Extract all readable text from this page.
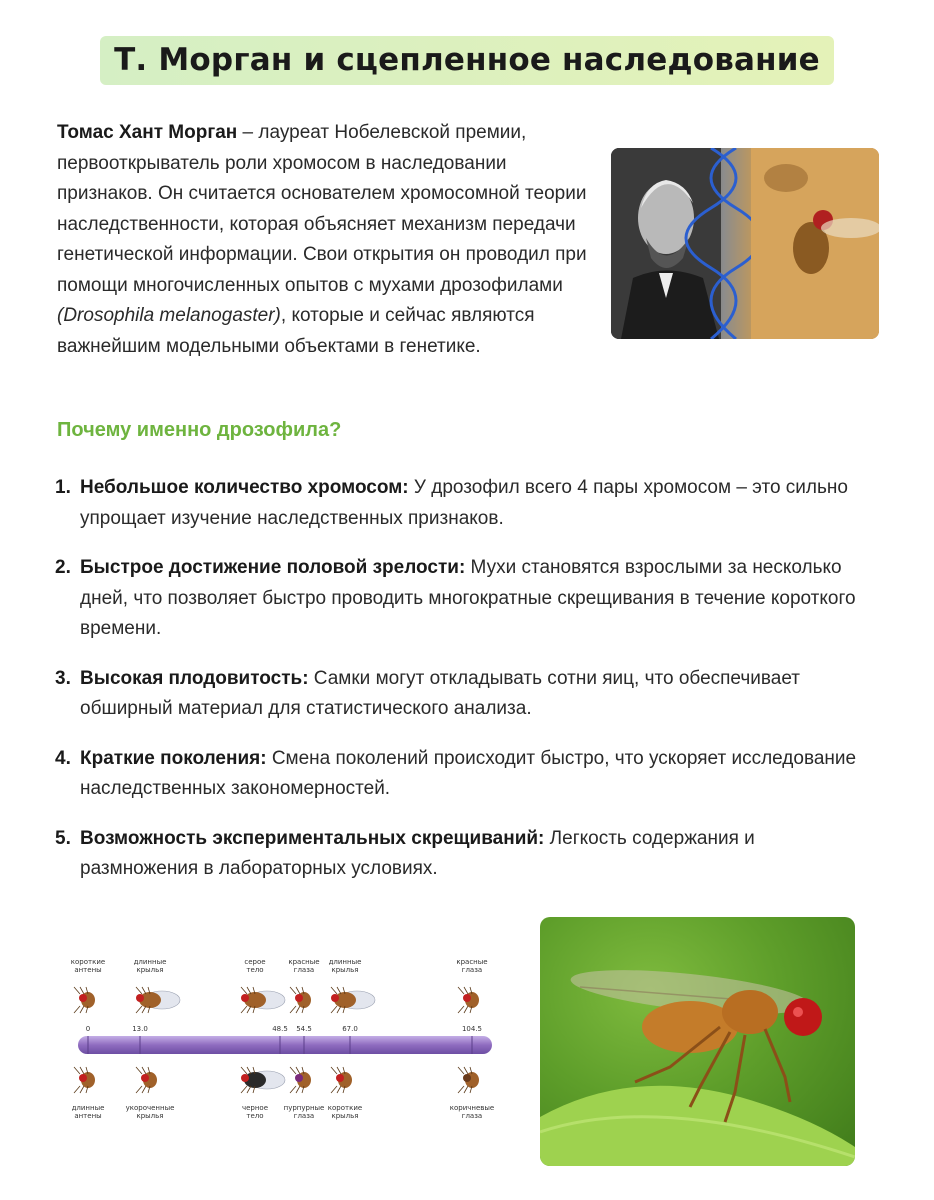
Т. Морган и сцепленное наследование

Томас Хант Морган – лауреат Нобелевской премии, первооткрыватель роли хромосом в наследовании признаков. Он считается основателем хромосомной теории наследственности, которая объясняет механизм передачи генетической информации. Свои открытия он проводил при помощи многочисленных опытов с мухами дрозофилами (Drosophila melanogaster), которые и сейчас являются важнейшим модельными объектами в генетике.

Почему именно дрозофила?
1. Небольшое количество хромосом: У дрозофил всего 4 пары хромосом – это сильно упрощает изучение наследственных признаков.
2. Быстрое достижение половой зрелости: Мухи становятся взрослыми за несколько дней, что позволяет быстро проводить многократные скрещивания в течение короткого времени.
3. Высокая плодовитость: Самки могут откладывать сотни яиц, что обеспечивает обширный материал для статистического анализа.
4. Краткие поколения: Смена поколений происходит быстро, что ускоряет исследование наследственных закономерностей.
5. Возможность экспериментальных скрещиваний: Легкость содержания и размножения в лабораторных условиях.
0	13.0	48.5 54.5	67.0	104.5
короткие
антены
длинные
крылья
серое
тело
красные
глаза
длинные
крылья
красные
глаза
длинные
антены
укороченные
крылья
черное
тело
пурпурные
глаза
короткие
крылья
коричневые
глаза
